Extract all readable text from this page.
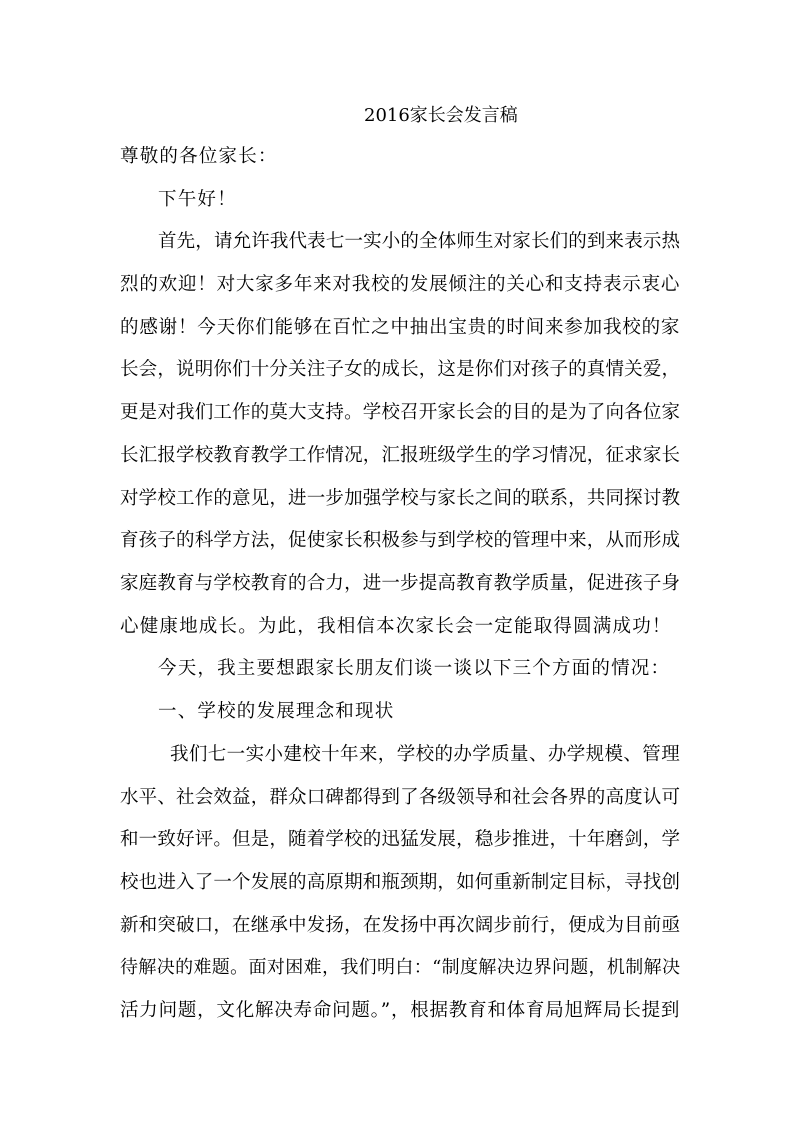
2016家长会发言稿
尊敬的各位家长：
下午好！
首先，请允许我代表七一实小的全体师生对家长们的到来表示热
烈的欢迎！对大家多年来对我校的发展倾注的关心和支持表示衷心
的感谢！今天你们能够在百忙之中抽出宝贵的时间来参加我校的家
长会，说明你们十分关注子女的成长，这是你们对孩子的真情关爱，
更是对我们工作的莫大支持。学校召开家长会的目的是为了向各位家
长汇报学校教育教学工作情况，汇报班级学生的学习情况，征求家长
对学校工作的意见，进一步加强学校与家长之间的联系，共同探讨教
育孩子的科学方法，促使家长积极参与到学校的管理中来，从而形成
家庭教育与学校教育的合力，进一步提高教育教学质量，促进孩子身
心健康地成长。为此，我相信本次家长会一定能取得圆满成功！
今天，我主要想跟家长朋友们谈一谈以下三个方面的情况：
一、学校的发展理念和现状
我们七一实小建校十年来，学校的办学质量、办学规模、管理
水平、社会效益，群众口碑都得到了各级领导和社会各界的高度认可
和一致好评。但是，随着学校的迅猛发展，稳步推进，十年磨剑，学
校也进入了一个发展的高原期和瓶颈期，如何重新制定目标，寻找创
新和突破口，在继承中发扬，在发扬中再次阔步前行，便成为目前亟
待解决的难题。面对困难，我们明白：“制度解决边界问题，机制解决
活力问题，文化解决寿命问题。”，根据教育和体育局旭辉局长提到
